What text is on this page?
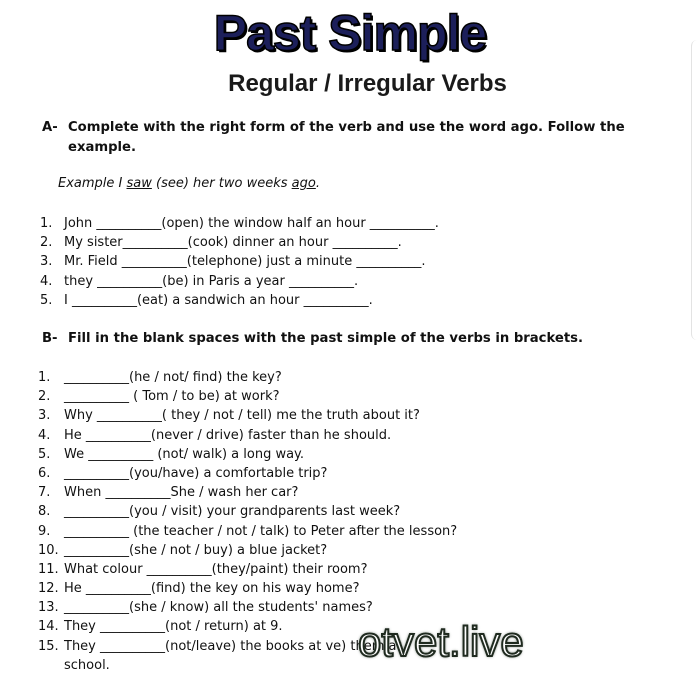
Past Simple
Regular / Irregular Verbs
A- Complete with the right form of the verb and use the word ago. Follow the
example.
Example I saw (see) her two weeks ago.
1. John __________(open) the window half an hour __________.
2. My sister__________(cook) dinner an hour __________.
3. Mr. Field __________(telephone) just a minute __________.
4. they __________(be) in Paris a year __________.
5. I __________(eat) a sandwich an hour __________.
B- Fill in the blank spaces with the past simple of the verbs in brackets.
1. __________(he / not/ find) the key?
2. __________ ( Tom / to be) at work?
3. Why __________( they / not / tell) me the truth about it?
4. He __________(never / drive) faster than he should.
5. We __________ (not/ walk) a long way.
6. __________(you/have) a comfortable trip?
7. When __________She / wash her car?
8. __________(you / visit) your grandparents last week?
9. __________ (the teacher / not / talk) to Peter after the lesson?
10. __________(she / not / buy) a blue jacket?
11. What colour __________(they/paint) their room?
12. He __________(find) the key on his way home?
13. __________(she / know) all the students' names?
14. They __________(not / return) at 9.
15. They __________(not/leave) the books at ve) them at
school.
otvet.live
